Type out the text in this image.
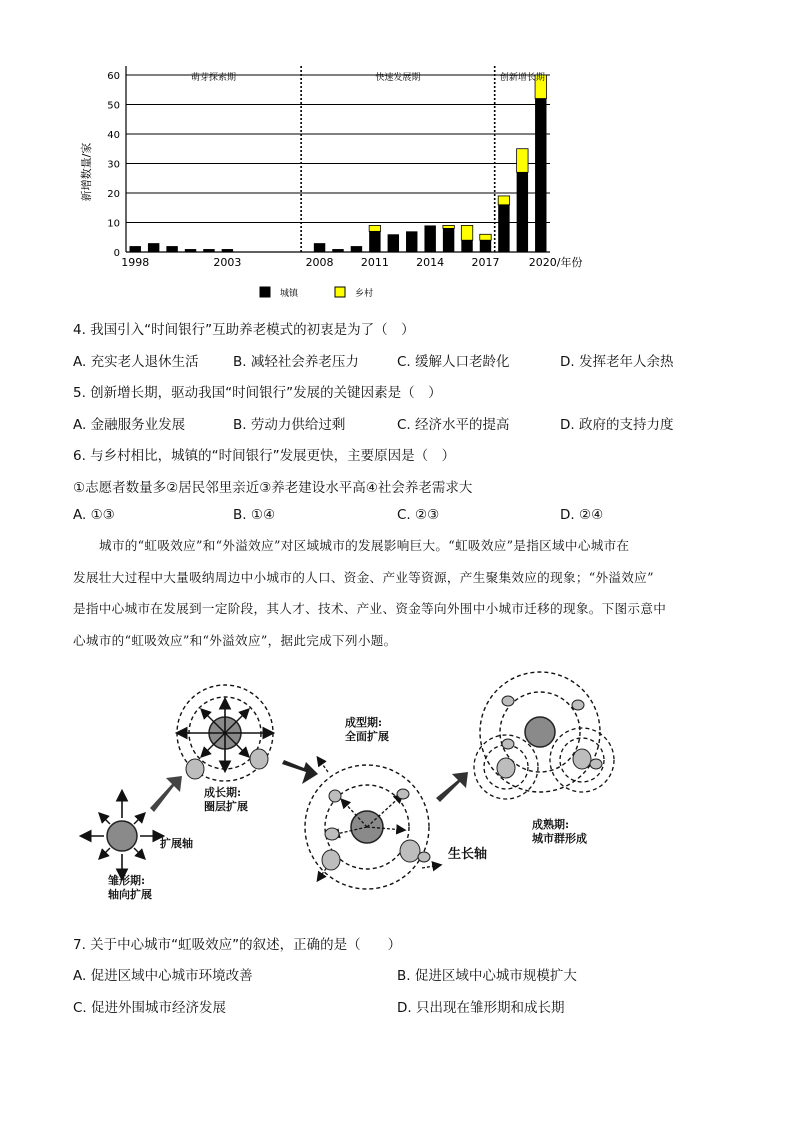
0
10
20
30
40
50
60
新增数量/家
1998	2003	2008 2011 2014 2017	2020/年份
萌芽探索期	快速发展期	创新增长期
城镇	乡村
4. 我国引入“时间银行”互助养老模式的初衷是为了（　）
A. 充实老人退休生活	B. 减轻社会养老压力	C. 缓解人口老龄化	D. 发挥老年人余热
5. 创新增长期，驱动我国“时间银行”发展的关键因素是（　）
A. 金融服务业发展	B. 劳动力供给过剩	C. 经济水平的提高	D. 政府的支持力度
6. 与乡村相比，城镇的“时间银行”发展更快，主要原因是（　）
①志愿者数量多②居民邻里亲近③养老建设水平高④社会养老需求大
A. ①③	B. ①④	C. ②③	D. ②④
城市的“虹吸效应”和“外溢效应”对区域城市的发展影响巨大。“虹吸效应”是指区域中心城市在
发展壮大过程中大量吸纳周边中小城市的人口、资金、产业等资源，产生聚集效应的现象；“外溢效应”
是指中心城市在发展到一定阶段，其人才、技术、产业、资金等向外围中小城市迁移的现象。下图示意中
心城市的“虹吸效应”和“外溢效应”，据此完成下列小题。
雏形期:
轴向扩展
扩展轴
成长期:
圈层扩展
成型期:
全面扩展
生长轴
成熟期:
城市群形成
7. 关于中心城市“虹吸效应”的叙述，正确的是（　　）
A. 促进区域中心城市环境改善	B. 促进区域中心城市规模扩大
C. 促进外围城市经济发展	D. 只出现在雏形期和成长期
